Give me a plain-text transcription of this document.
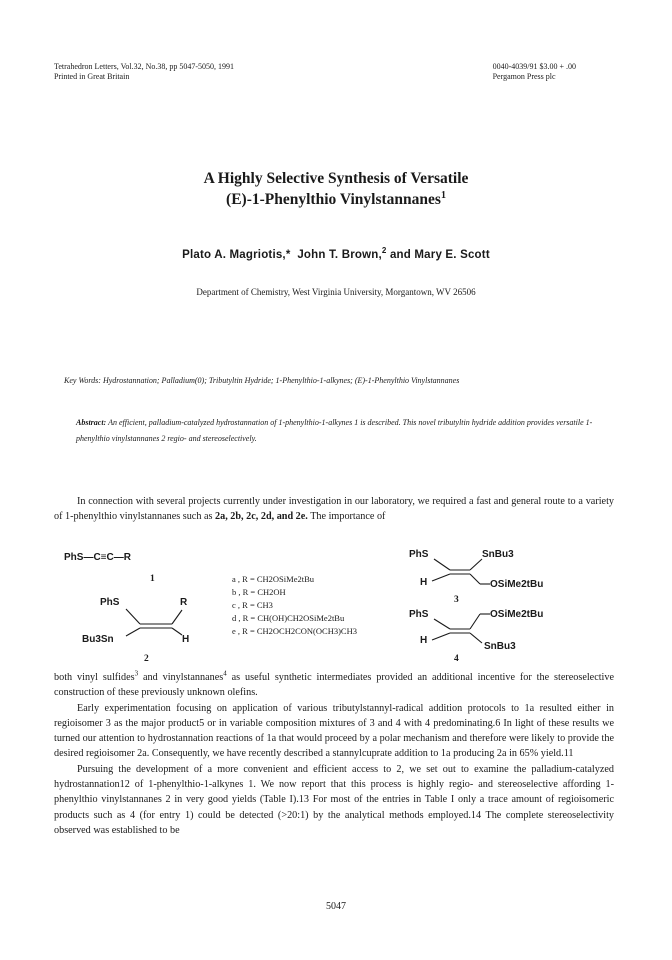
Tetrahedron Letters, Vol.32, No.38, pp 5047-5050, 1991
Printed in Great Britain
0040-4039/91 $3.00 + .00
Pergamon Press plc
A Highly Selective Synthesis of Versatile
(E)-1-Phenylthio Vinylstannanes$^1$
Plato A. Magriotis,* John T. Brown,$^2$ and Mary E. Scott
Department of Chemistry, West Virginia University, Morgantown, WV 26506
Key Words: Hydrostannation; Palladium(0); Tributyltin Hydride; 1-Phenylthio-1-alkynes; (E)-1-Phenylthio Vinylstannanes
Abstract: An efficient, palladium-catalyzed hydrostannation of 1-phenylthio-1-alkynes 1 is described. This novel tributyltin hydride addition provides versatile 1-phenylthio vinylstannanes 2 regio- and stereoselectively.

In connection with several projects currently under investigation in our laboratory, we required a fast and general route to a variety of 1-phenylthio vinylstannanes such as 2a, 2b, 2c, 2d, and 2e. The importance of

PhS—C≡C—R
1
PhS	R
Bu3Sn	H
2
PhS	SnBu3
H	OSiMe2tBu
3
PhS	OSiMe2tBu
H
SnBu3
4
a , R = CH2OSiMe2tBu
b , R = CH2OH
c , R = CH3
d , R = CH(OH)CH2OSiMe2tBu
e , R = CH2OCH2CON(OCH3)CH3

both vinyl sulfides$^3$ and vinylstannanes$^4$ as useful synthetic intermediates provided an additional incentive for the stereoselective construction of these previously unknown olefins.

Early experimentation focusing on application of various tributylstannyl-radical addition protocols to 1a resulted either in regioisomer 3 as the major product5 or in variable composition mixtures of 3 and 4 with 4 predominating.6 In light of these results we turned our attention to hydrostannation reactions of 1a that would proceed by a polar mechanism and therefore were likely to provide the desired regioisomer 2a. Consequently, we have recently described a stannylcuprate addition to 1a producing 2a in 65% yield.11

Pursuing the development of a more convenient and efficient access to 2, we set out to examine the palladium-catalyzed hydrostannation12 of 1-phenylthio-1-alkynes 1. We now report that this process is highly regio- and stereoselective affording 1-phenylthio vinylstannanes 2 in very good yields (Table I).13 For most of the entries in Table I only a trace amount of regioisomeric products such as 4 (for entry 1) could be detected (>20:1) by the analytical methods employed.14 The complete stereoselectivity observed was established to be

5047
